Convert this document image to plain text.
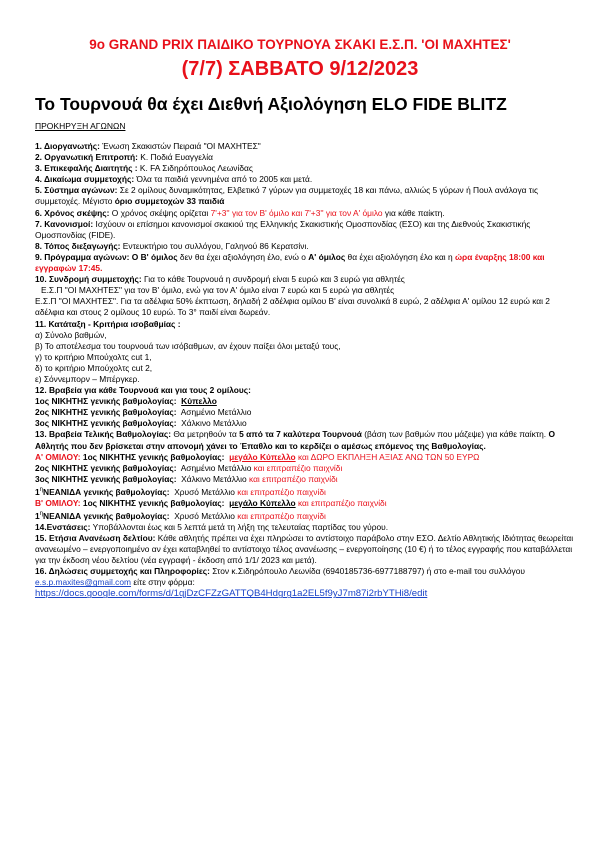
9ο GRAND PRIX ΠΑΙΔΙΚΟ ΤΟΥΡΝΟΥΑ ΣΚΑΚΙ Ε.Σ.Π. 'ΟΙ ΜΑΧΗΤΕΣ'
(7/7) ΣΑΒΒΑΤΟ 9/12/2023
Το Τουρνουά θα έχει Διεθνή Αξιολόγηση ELO FIDE BLITZ
ΠΡΟΚΗΡΥΞΗ ΑΓΩΝΩΝ

1. Διοργανωτής: Ένωση Σκακιστών Πειραιά "ΟΙ ΜΑΧΗΤΕΣ"

2. Οργανωτική Επιτροπή: Κ. Ποδιά Ευαγγελία

3. Επικεφαλής Διαιτητής : Κ. FA Σιδηρόπουλος Λεωνίδας

4. Δικαίωμα συμμετοχής: Όλα τα παιδιά γεννημένα από το 2005 και μετά.

5. Σύστημα αγώνων: Σε 2 ομίλους δυναμικότητας, Ελβετικό 7 γύρων για συμμετοχές 18 και πάνω, αλλιώς 5 γύρων ή Πουλ ανάλογα τις συμμετοχές. Μέγιστο όριο συμμετοχών 33 παιδιά

6. Χρόνος σκέψης: Ο χρόνος σκέψης ορίζεται 7'+3'' για τον Β' όμιλο και 7'+3'' για τον Α' όμιλο για κάθε παίκτη.

7. Κανονισμοί: Ισχύουν οι επίσημοι κανονισμοί σκακιού της Ελληνικής Σκακιστικής Ομοσπονδίας (ΕΣΟ) και της Διεθνούς Σκακιστικής Ομοσπονδίας (FIDE).

8. Τόπος διεξαγωγής: Εντευκτήριο του συλλόγου, Γαληνού 86 Κερατσίνι.

9. Πρόγραμμα αγώνων: Ο Β' όμιλος δεν θα έχει αξιολόγηση έλο, ενώ ο Α' όμιλος θα έχει αξιολόγηση έλο και η ώρα έναρξης 18:00 και εγγραφών 17:45.

10. Συνδρομή συμμετοχής: Για το κάθε Τουρνουά η συνδρομή είναι 5 ευρώ και 3 ευρώ για αθλητές

Ε.Σ.Π "ΟΙ ΜΑΧΗΤΕΣ" για τον Β' όμιλο, ενώ για τον Α' όμιλο είναι 7 ευρώ και 5 ευρώ για αθλητές

Ε.Σ.Π "ΟΙ ΜΑΧΗΤΕΣ". Για τα αδέλφια 50% έκπτωση, δηλαδή 2 αδέλφια ομίλου Β' είναι συνολικά 8 ευρώ, 2 αδέλφια Α' ομίλου 12 ευρώ και 2 αδέλφια και στους 2 ομίλους 10 ευρώ. Το 3° παιδί είναι δωρεάν.

11. Κατάταξη - Κριτήρια ισοβαθμίας :

α) Σύνολο βαθμών,

β) Το αποτέλεσμα του τουρνουά των ισόβαθμων, αν έχουν παίξει όλοι μεταξύ τους,

γ) το κριτήριο Μπούχολτς cut 1,

δ) το κριτήριο Μπούχολτς cut 2,

ε) Σόννεμπορν – Μπέργκερ.

12. Βραβεία για κάθε Τουρνουά και για τους 2 ομίλους:

1ος ΝΙΚΗΤΗΣ γενικής βαθμολογίας: Κύπελλο

2ος ΝΙΚΗΤΗΣ γενικής βαθμολογίας: Ασημένιο Μετάλλιο

3ος ΝΙΚΗΤΗΣ γενικής βαθμολογίας: Χάλκινο Μετάλλιο

13. Βραβεία Τελικής Βαθμολογίας: Θα μετρηθούν τα 5 από τα 7 καλύτερα Τουρνουά (βάση των βαθμών που μάζεψε) για κάθε παίκτη. Ο Αθλητής που δεν βρίσκεται στην απονομή χάνει το Έπαθλο και το κερδίζει ο αμέσως επόμενος της Βαθμολογίας.

Α' ΟΜΙΛΟΥ: 1ος ΝΙΚΗΤΗΣ γενικής βαθμολογίας: μεγάλο Κύπελλο και ΔΩΡΟ ΕΚΠΛΗΞΗ ΑΞΙΑΣ ΑΝΩ ΤΩΝ 50 ΕΥΡΩ

2ος ΝΙΚΗΤΗΣ γενικής βαθμολογίας: Ασημένιο Μετάλλιο και επιτραπέζιο παιχνίδι

3ος ΝΙΚΗΤΗΣ γενικής βαθμολογίας: Χάλκινο Μετάλλιο και επιτραπέζιο παιχνίδι

$1^\eta NEANI\Delta A$ γενικής βαθμολογίας: Χρυσό Μετάλλιο και επιτραπέζιο παιχνίδι

Β' ΟΜΙΛΟΥ: 1ος ΝΙΚΗΤΗΣ γενικής βαθμολογίας: μεγάλο Κύπελλο και επιτραπέζιο παιχνίδι

$1^\eta NEANI\Delta A$ γενικής βαθμολογίας: Χρυσό Μετάλλιο και επιτραπέζιο παιχνίδι

14.Ενστάσεις: Υποβάλλονται έως και 5 λεπτά μετά τη λήξη της τελευταίας παρτίδας του γύρου.

15. Ετήσια Ανανέωση δελτίου: Κάθε αθλητής πρέπει να έχει πληρώσει το αντίστοιχο παράβολο στην ΕΣΟ. Δελτίο Αθλητικής Ιδιότητας θεωρείται ανανεωμένο – ενεργοποιημένο αν έχει καταβληθεί το αντίστοιχο τέλος ανανέωσης – ενεργοποίησης (10 €) ή το τέλος εγγραφής που καταβάλλεται για την έκδοση νέου δελτίου (νέα εγγραφή - έκδοση από 1/1/ 2023 και μετά).

16. Δηλώσεις συμμετοχής και Πληροφορίες: Στον κ.Σιδηρόπουλο Λεωνίδα (6940185736-6977188797) ή στο e-mail του συλλόγου e.s.p.maxites@gmail.com είτε στην φόρμα:

https://docs.google.com/forms/d/1qjDzCFZzGATTQB4Hdgrg1a2EL5f9yJ7m87i2rbYTHi8/edit
